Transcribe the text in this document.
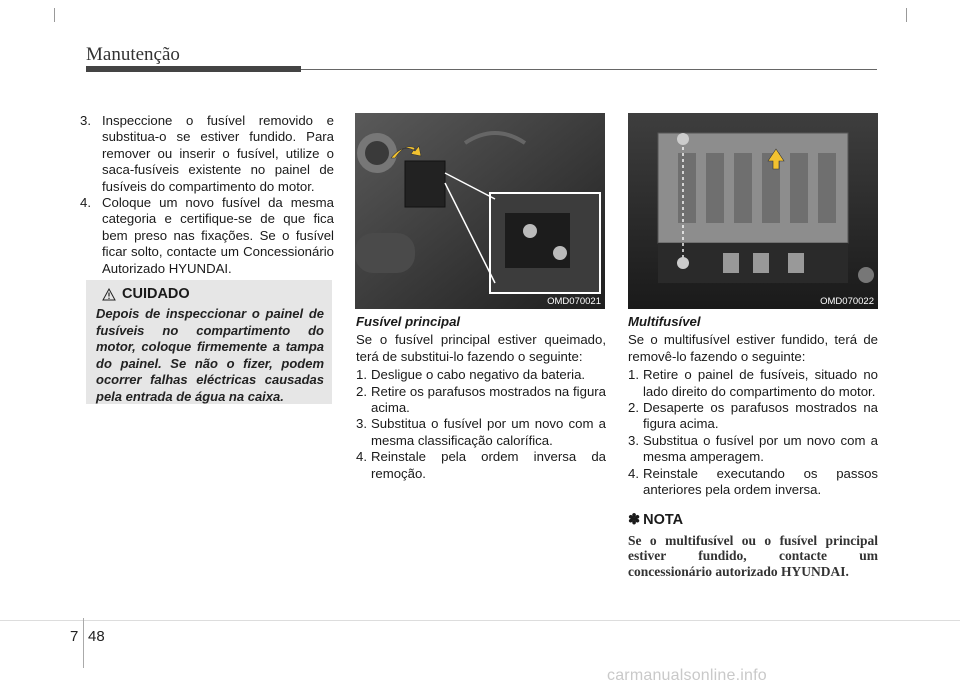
Manutenção
3. Inspeccione o fusível removido e substitua-o se estiver fundido. Para remover ou inserir o fusível, utilize o saca-fusíveis existente no painel de fusíveis do compartimento do motor.
4. Coloque um novo fusível da mesma categoria e certifique-se de que fica bem preso nas fixações. Se o fusível ficar solto, contacte um Concessionário Autorizado HYUNDAI.
CUIDADO
Depois de inspeccionar o painel de fusíveis no compartimento do motor, coloque firmemente a tampa do painel. Se não o fizer, podem ocorrer falhas eléctricas causadas pela entrada de água na caixa.
OMD070021	OMD070022
Fusível principal
Se o fusível principal estiver queimado, terá de substitui-lo fazendo o seguinte:
1. Desligue o cabo negativo da bateria.
2. Retire os parafusos mostrados na figura acima.
3. Substitua o fusível por um novo com a mesma classificação calorífica.
4. Reinstale pela ordem inversa da remoção.
Multifusível
Se o multifusível estiver fundido, terá de removê-lo fazendo o seguinte:
1. Retire o painel de fusíveis, situado no lado direito do compartimento do motor.
2. Desaperte os parafusos mostrados na figura acima.
3. Substitua o fusível por um novo com a mesma amperagem.
4. Reinstale executando os passos anteriores pela ordem inversa.
✽ NOTA
Se o multifusível ou o fusível principal estiver fundido, contacte um concessionário autorizado HYUNDAI.
7 48
carmanualsonline.info
